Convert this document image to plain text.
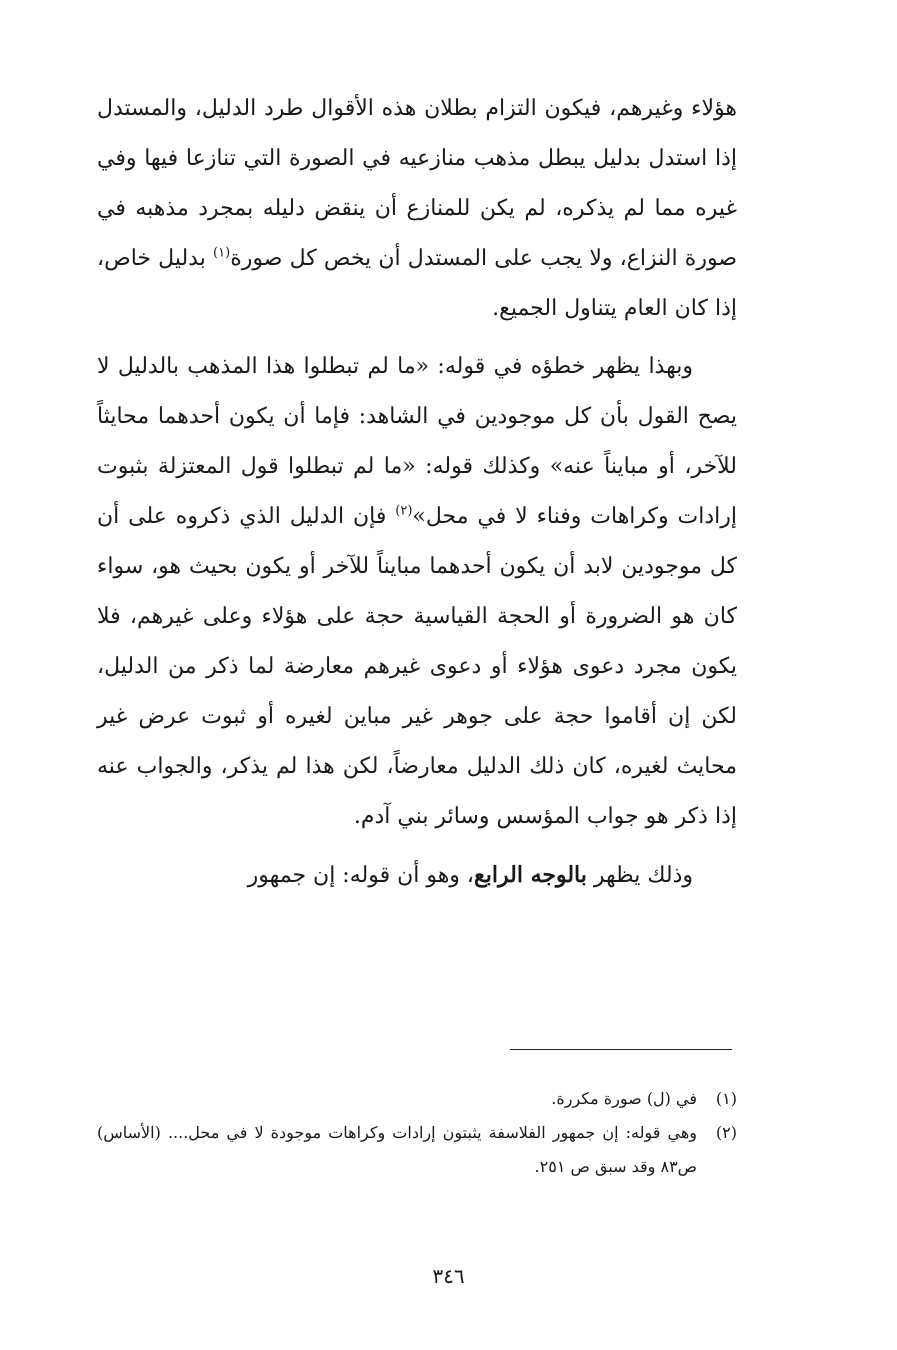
هؤلاء وغيرهم، فيكون التزام بطلان هذه الأقوال طرد الدليل، والمستدل إذا استدل بدليل يبطل مذهب منازعيه في الصورة التي تنازعا فيها وفي غيره مما لم يذكره، لم يكن للمنازع أن ينقض دليله بمجرد مذهبه في صورة النزاع، ولا يجب على المستدل أن يخص كل صورة$^{(١)}$ بدليل خاص، إذا كان العام يتناول الجميع.

وبهذا يظهر خطؤه في قوله: «ما لم تبطلوا هذا المذهب بالدليل لا يصح القول بأن كل موجودين في الشاهد: فإما أن يكون أحدهما محايثاً للآخر، أو مبايناً عنه» وكذلك قوله: «ما لم تبطلوا قول المعتزلة بثبوت إرادات وكراهات وفناء لا في محل»$^{(٢)}$ فإن الدليل الذي ذكروه على أن كل موجودين لابد أن يكون أحدهما مبايناً للآخر أو يكون بحيث هو، سواء كان هو الضرورة أو الحجة القياسية حجة على هؤلاء وعلى غيرهم، فلا يكون مجرد دعوى هؤلاء أو دعوى غيرهم معارضة لما ذكر من الدليل، لكن إن أقاموا حجة على جوهر غير مباين لغيره أو ثبوت عرض غير محايث لغيره، كان ذلك الدليل معارضاً، لكن هذا لم يذكر، والجواب عنه إذا ذكر هو جواب المؤسس وسائر بني آدم.

وذلك يظهر بالوجه الرابع، وهو أن قوله: إن جمهور

(١)
في (ل) صورة مكررة.
(٢)
وهي قوله: إن جمهور الفلاسفة يثبتون إرادات وكراهات موجودة لا في محل.... (الأساس) ص٨٣ وقد سبق ص ٢٥١.
٣٤٦
